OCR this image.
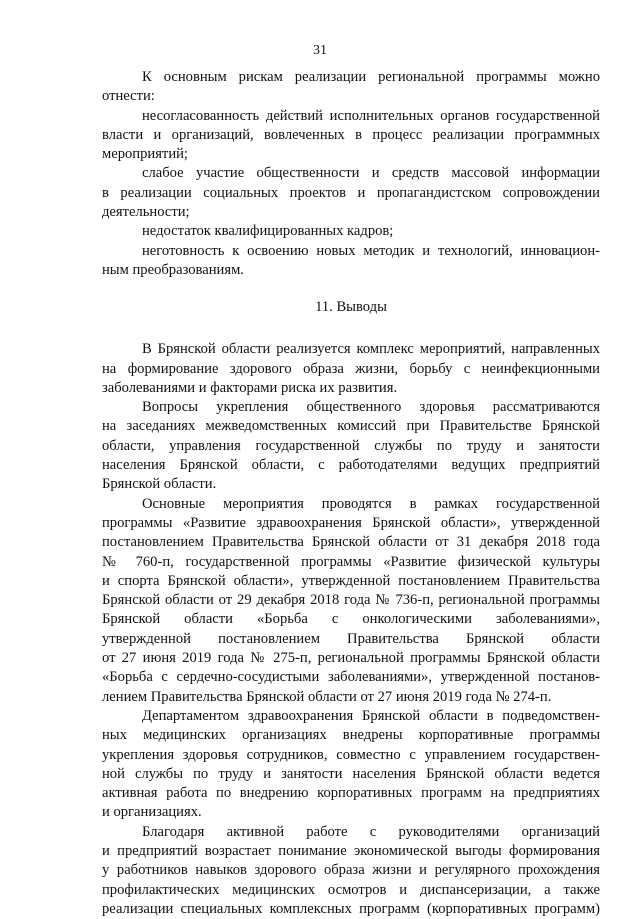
31
К основным рискам реализации региональной программы можно
отнести:
несогласованность действий исполнительных органов государственной
власти и организаций, вовлеченных в процесс реализации программных
мероприятий;
слабое участие общественности и средств массовой информации
в реализации социальных проектов и пропагандистском сопровождении
деятельности;
недостаток квалифицированных кадров;
неготовность к освоению новых методик и технологий, инновацион-
ным преобразованиям.
11. Выводы
В Брянской области реализуется комплекс мероприятий, направленных
на формирование здорового образа жизни, борьбу с неинфекционными
заболеваниями и факторами риска их развития.
Вопросы укрепления общественного здоровья рассматриваются
на заседаниях межведомственных комиссий при Правительстве Брянской
области, управления государственной службы по труду и занятости
населения Брянской области, с работодателями ведущих предприятий
Брянской области.
Основные мероприятия проводятся в рамках государственной
программы «Развитие здравоохранения Брянской области», утвержденной
постановлением Правительства Брянской области от 31 декабря 2018 года
№ 760-п, государственной программы «Развитие физической культуры
и спорта Брянской области», утвержденной постановлением Правительства
Брянской области от 29 декабря 2018 года № 736-п, региональной программы
Брянской области «Борьба с онкологическими заболеваниями»,
утвержденной постановлением Правительства Брянской области
от 27 июня 2019 года № 275-п, региональной программы Брянской области
«Борьба с сердечно-сосудистыми заболеваниями», утвержденной постанов-
лением Правительства Брянской области от 27 июня 2019 года № 274-п.
Департаментом здравоохранения Брянской области в подведомствен-
ных медицинских организациях внедрены корпоративные программы
укрепления здоровья сотрудников, совместно с управлением государствен-
ной службы по труду и занятости населения Брянской области ведется
активная работа по внедрению корпоративных программ на предприятиях
и организациях.
Благодаря активной работе с руководителями организаций
и предприятий возрастает понимание экономической выгоды формирования
у работников навыков здорового образа жизни и регулярного прохождения
профилактических медицинских осмотров и диспансеризации, а также
реализации специальных комплексных программ (корпоративных программ)
